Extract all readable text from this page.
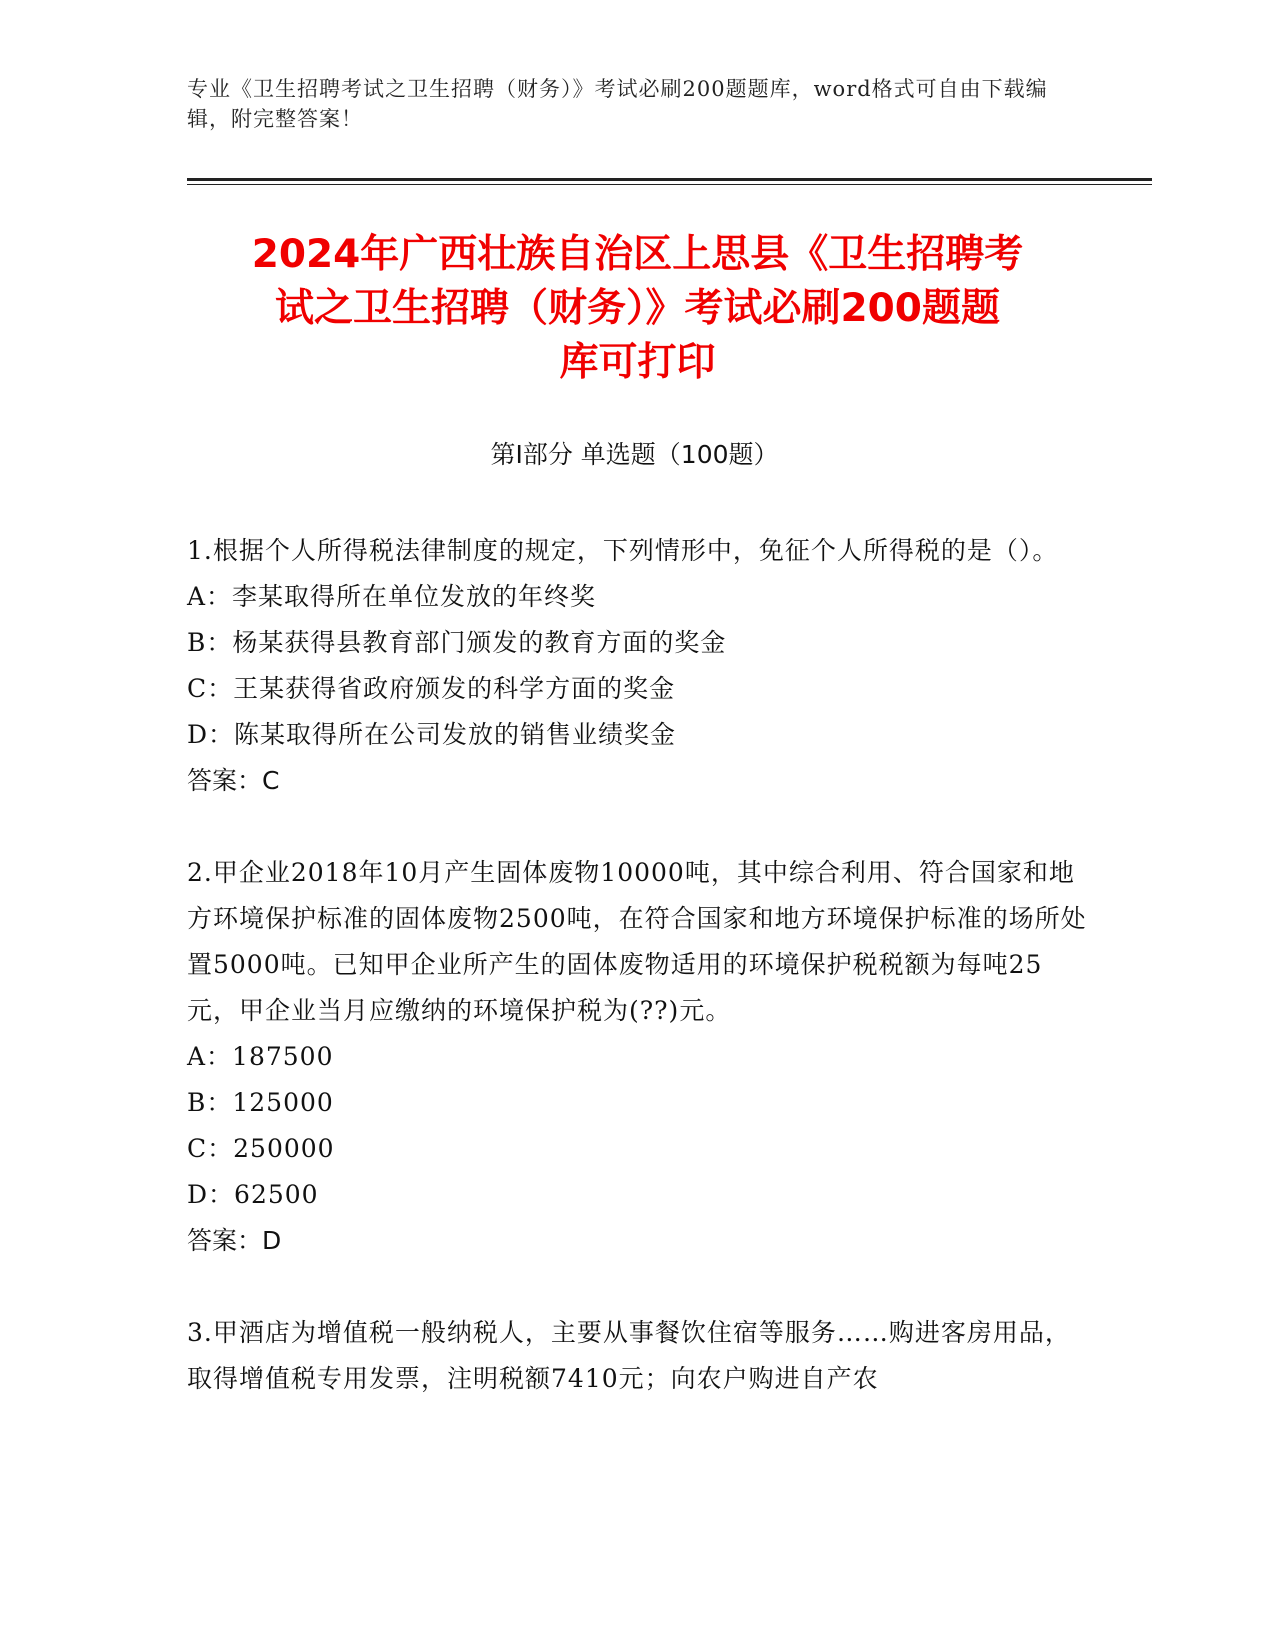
专业《卫生招聘考试之卫生招聘（财务）》考试必刷200题题库，word格式可自由下载编辑，附完整答案！
2024年广西壮族自治区上思县《卫生招聘考
试之卫生招聘（财务）》考试必刷200题题
库可打印
第Ⅰ部分 单选题（100题）
1.根据个人所得税法律制度的规定，下列情形中，免征个人所得税的是（）。
A：李某取得所在单位发放的年终奖
B：杨某获得县教育部门颁发的教育方面的奖金
C：王某获得省政府颁发的科学方面的奖金
D：陈某取得所在公司发放的销售业绩奖金
答案：C
2.甲企业2018年10月产生固体废物10000吨，其中综合利用、符合国家和地方环境保护标准的固体废物2500吨，在符合国家和地方环境保护标准的场所处置5000吨。已知甲企业所产生的固体废物适用的环境保护税税额为每吨25元，甲企业当月应缴纳的环境保护税为(??)元。
A：187500
B：125000
C：250000
D：62500
答案：D
3.甲酒店为增值税一般纳税人，主要从事餐饮住宿等服务……购进客房用品，取得增值税专用发票，注明税额7410元；向农户购进自产农
